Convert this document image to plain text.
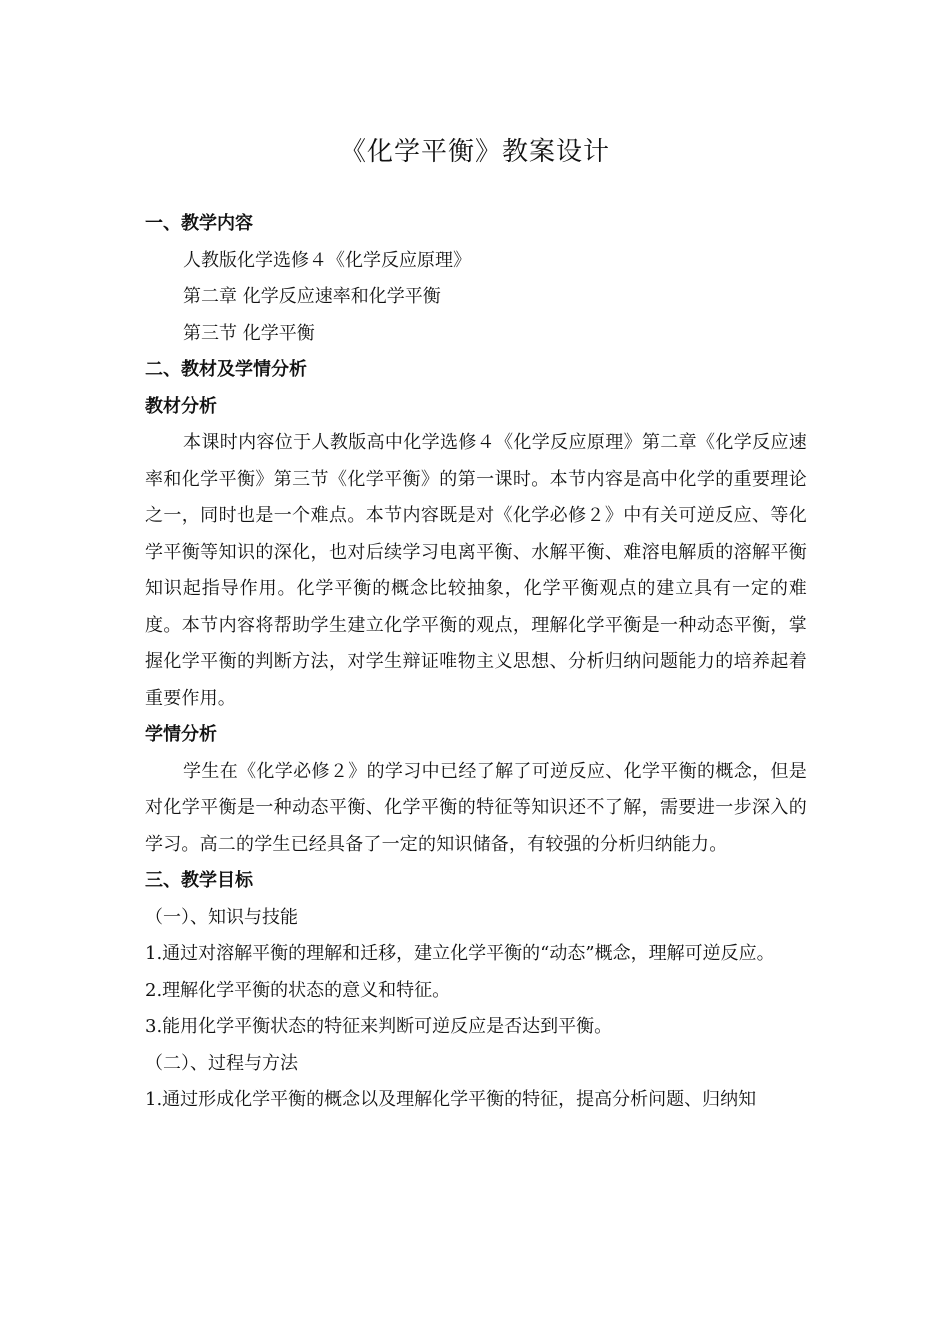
《化学平衡》教案设计
一、教学内容
人教版化学选修４《化学反应原理》
第二章 化学反应速率和化学平衡
第三节 化学平衡
二、教材及学情分析
教材分析
本课时内容位于人教版高中化学选修４《化学反应原理》第二章《化学反应速率和化学平衡》第三节《化学平衡》的第一课时。本节内容是高中化学的重要理论之一，同时也是一个难点。本节内容既是对《化学必修２》中有关可逆反应、等化学平衡等知识的深化，也对后续学习电离平衡、水解平衡、难溶电解质的溶解平衡知识起指导作用。化学平衡的概念比较抽象，化学平衡观点的建立具有一定的难度。本节内容将帮助学生建立化学平衡的观点，理解化学平衡是一种动态平衡，掌握化学平衡的判断方法，对学生辩证唯物主义思想、分析归纳问题能力的培养起着重要作用。
学情分析
学生在《化学必修２》的学习中已经了解了可逆反应、化学平衡的概念，但是对化学平衡是一种动态平衡、化学平衡的特征等知识还不了解，需要进一步深入的学习。高二的学生已经具备了一定的知识储备，有较强的分析归纳能力。
三、教学目标
（一）、知识与技能
1.通过对溶解平衡的理解和迁移，建立化学平衡的“动态”概念，理解可逆反应。
2.理解化学平衡的状态的意义和特征。
3.能用化学平衡状态的特征来判断可逆反应是否达到平衡。
（二）、过程与方法
1.通过形成化学平衡的概念以及理解化学平衡的特征，提高分析问题、归纳知
